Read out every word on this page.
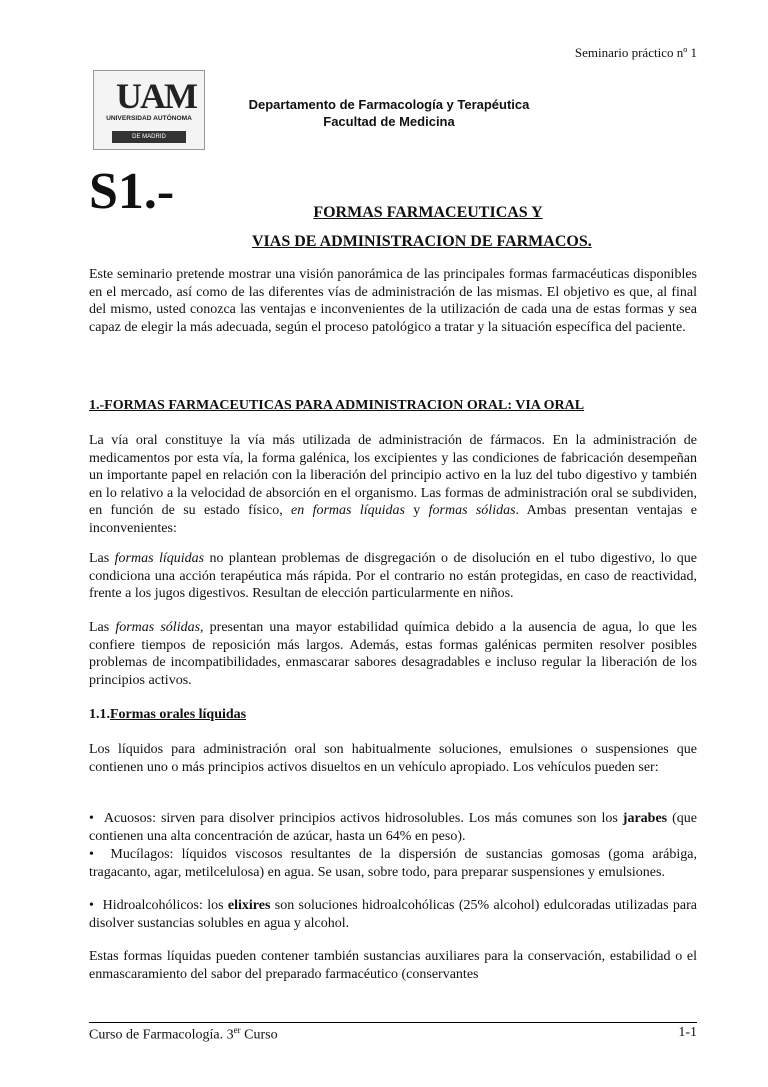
Seminario práctico nº 1
UAM
UNIVERSIDAD AUTÓNOMA
DE MADRID
Departamento de Farmacología y Terapéutica
Facultad de Medicina
S1.-	FORMAS FARMACEUTICAS Y
VIAS DE ADMINISTRACION DE FARMACOS.

Este seminario pretende mostrar una visión panorámica de las principales formas farmacéuticas disponibles en el mercado, así como de las diferentes vías de administración de las mismas. El objetivo es que, al final del mismo, usted conozca las ventajas e inconvenientes de la utilización de cada una de estas formas y sea capaz de elegir la más adecuada, según el proceso patológico a tratar y la situación específica del paciente.

1.-FORMAS FARMACEUTICAS PARA ADMINISTRACION ORAL: VIA ORAL

La vía oral constituye la vía más utilizada de administración de fármacos. En la administración de medicamentos por esta vía, la forma galénica, los excipientes y las condiciones de fabricación desempeñan un importante papel en relación con la liberación del principio activo en la luz del tubo digestivo y también en lo relativo a la velocidad de absorción en el organismo. Las formas de administración oral se subdividen, en función de su estado físico, en formas líquidas y formas sólidas. Ambas presentan ventajas e inconvenientes:

Las formas líquidas no plantean problemas de disgregación o de disolución en el tubo digestivo, lo que condiciona una acción terapéutica más rápida. Por el contrario no están protegidas, en caso de reactividad, frente a los jugos digestivos. Resultan de elección particularmente en niños.

Las formas sólidas, presentan una mayor estabilidad química debido a la ausencia de agua, lo que les confiere tiempos de reposición más largos. Además, estas formas galénicas permiten resolver posibles problemas de incompatibilidades, enmascarar sabores desagradables e incluso regular la liberación de los principios activos.

1.1.Formas orales líquidas

Los líquidos para administración oral son habitualmente soluciones, emulsiones o suspensiones que contienen uno o más principios activos disueltos en un vehículo apropiado. Los vehículos pueden ser:

•  Acuosos: sirven para disolver principios activos hidrosolubles. Los más comunes son los jarabes (que contienen una alta concentración de azúcar, hasta un 64% en peso).

•  Mucílagos: líquidos viscosos resultantes de la dispersión de sustancias gomosas (goma arábiga, tragacanto, agar, metilcelulosa) en agua. Se usan, sobre todo, para preparar suspensiones y emulsiones.

•  Hidroalcohólicos: los elixires son soluciones hidroalcohólicas (25% alcohol) edulcoradas utilizadas para disolver sustancias solubles en agua y alcohol.

Estas formas líquidas pueden contener también sustancias auxiliares para la conservación, estabilidad o el enmascaramiento del sabor del preparado farmacéutico (conservantes

Curso de Farmacología. 3er Curso	1-1
